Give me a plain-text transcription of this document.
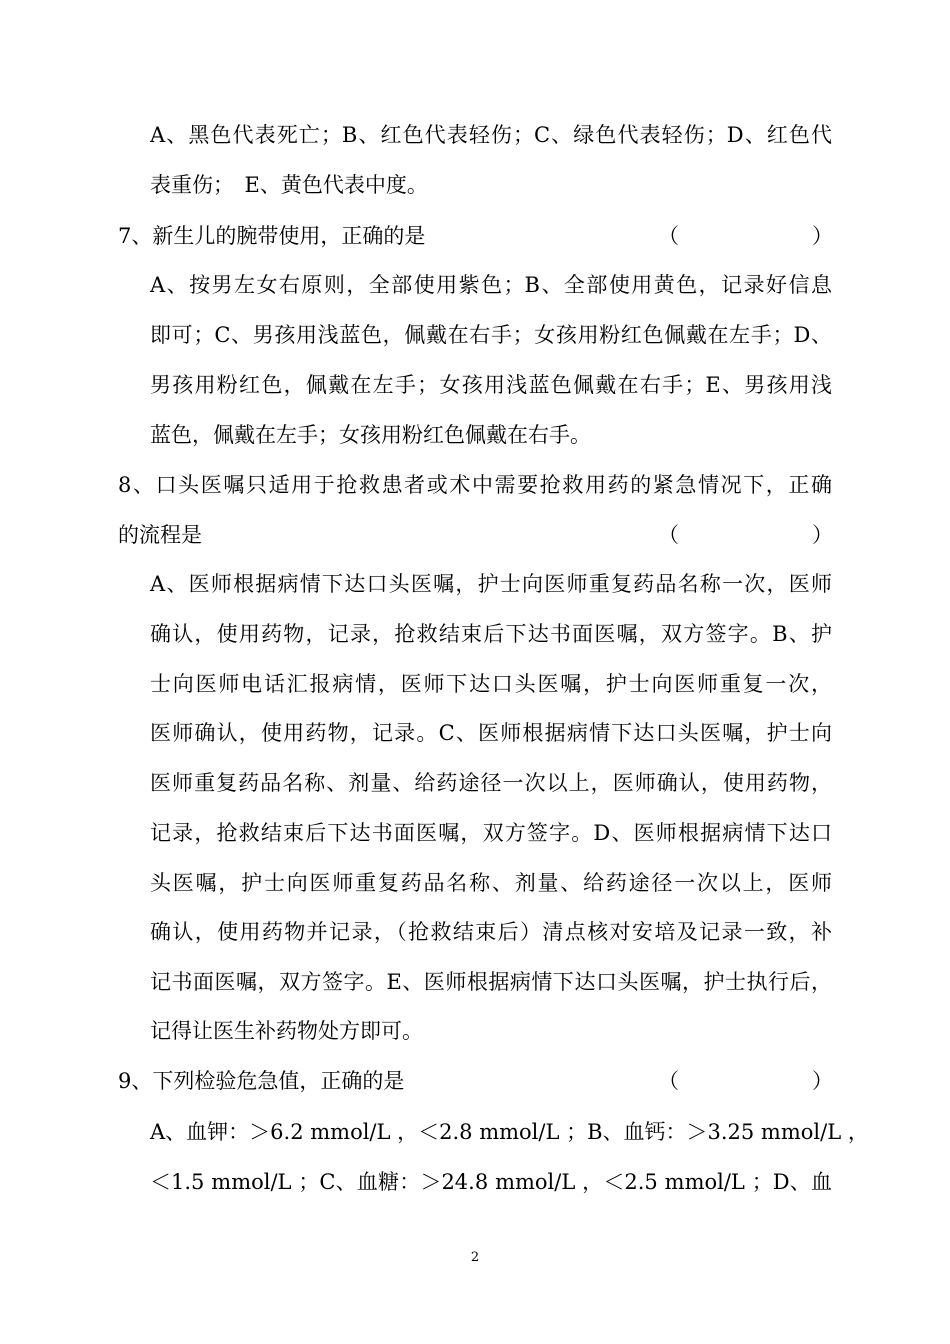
A、黑色代表死亡；B、红色代表轻伤；C、绿色代表轻伤；D、红色代
表重伤；　E、黄色代表中度。
7、新生儿的腕带使用，正确的是	（	）
A、按男左女右原则，全部使用紫色；B、全部使用黄色，记录好信息
即可；C、男孩用浅蓝色，佩戴在右手；女孩用粉红色佩戴在左手；D、
男孩用粉红色，佩戴在左手；女孩用浅蓝色佩戴在右手；E、男孩用浅
蓝色，佩戴在左手；女孩用粉红色佩戴在右手。
8、口头医嘱只适用于抢救患者或术中需要抢救用药的紧急情况下，正确
的流程是	（	）
A、医师根据病情下达口头医嘱，护士向医师重复药品名称一次，医师
确认，使用药物，记录，抢救结束后下达书面医嘱，双方签字。B、护
士向医师电话汇报病情，医师下达口头医嘱，护士向医师重复一次，
医师确认，使用药物，记录。C、医师根据病情下达口头医嘱，护士向
医师重复药品名称、剂量、给药途径一次以上，医师确认，使用药物，
记录，抢救结束后下达书面医嘱，双方签字。D、医师根据病情下达口
头医嘱，护士向医师重复药品名称、剂量、给药途径一次以上，医师
确认，使用药物并记录，（抢救结束后）清点核对安培及记录一致，补
记书面医嘱，双方签字。E、医师根据病情下达口头医嘱，护士执行后，
记得让医生补药物处方即可。
9、下列检验危急值，正确的是	（	）
A、血钾：＞6.2 mmol/L ，＜2.8 mmol/L ；B、血钙：＞3.25 mmol/L ，
＜1.5 mmol/L ；C、血糖：＞24.8 mmol/L ，＜2.5 mmol/L ；D、血
2
